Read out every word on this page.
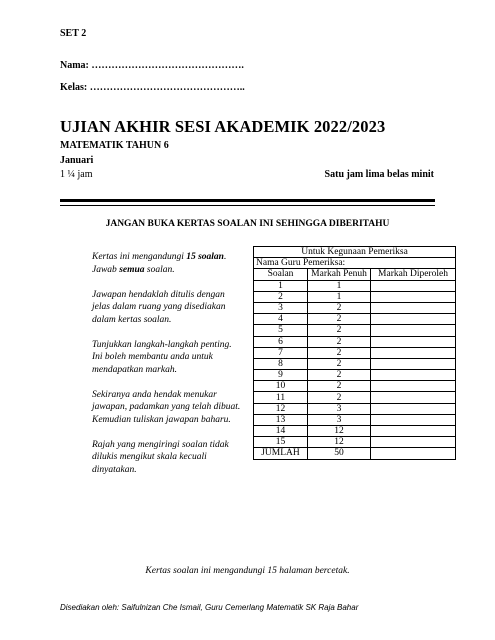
SET 2
Nama: ……………………………………….
Kelas: ………………………………………..
UJIAN AKHIR SESI AKADEMIK 2022/2023
MATEMATIK TAHUN 6
Januari
1 ¼ jam	Satu jam lima belas minit
JANGAN BUKA KERTAS SOALAN INI SEHINGGA DIBERITAHU

Kertas ini mengandungi 15 soalan.
Jawab semua soalan.

Jawapan hendaklah ditulis dengan jelas dalam ruang yang disediakan dalam kertas soalan.

Tunjukkan langkah-langkah penting. Ini boleh membantu anda untuk mendapatkan markah.

Sekiranya anda hendak menukar jawapan, padamkan yang telah dibuat. Kemudian tuliskan jawapan baharu.

Rajah yang mengiringi soalan tidak dilukis mengikut skala kecuali dinyatakan.

Untuk Kegunaan Pemeriksa		
Nama Guru Pemeriksa:		
Soalan	Markah Penuh	Markah Diperoleh
1	1	
2	1	
3	2	
4	2	
5	2	
6	2	
7	2	
8	2	
9	2	
10	2	
11	2	
12	3	
13	3	
14	12	
15	12	
JUMLAH	50	
Kertas soalan ini mengandungi 15 halaman bercetak.
Disediakan oleh: Saifulnizan Che Ismail, Guru Cemerlang Matematik SK Raja Bahar
